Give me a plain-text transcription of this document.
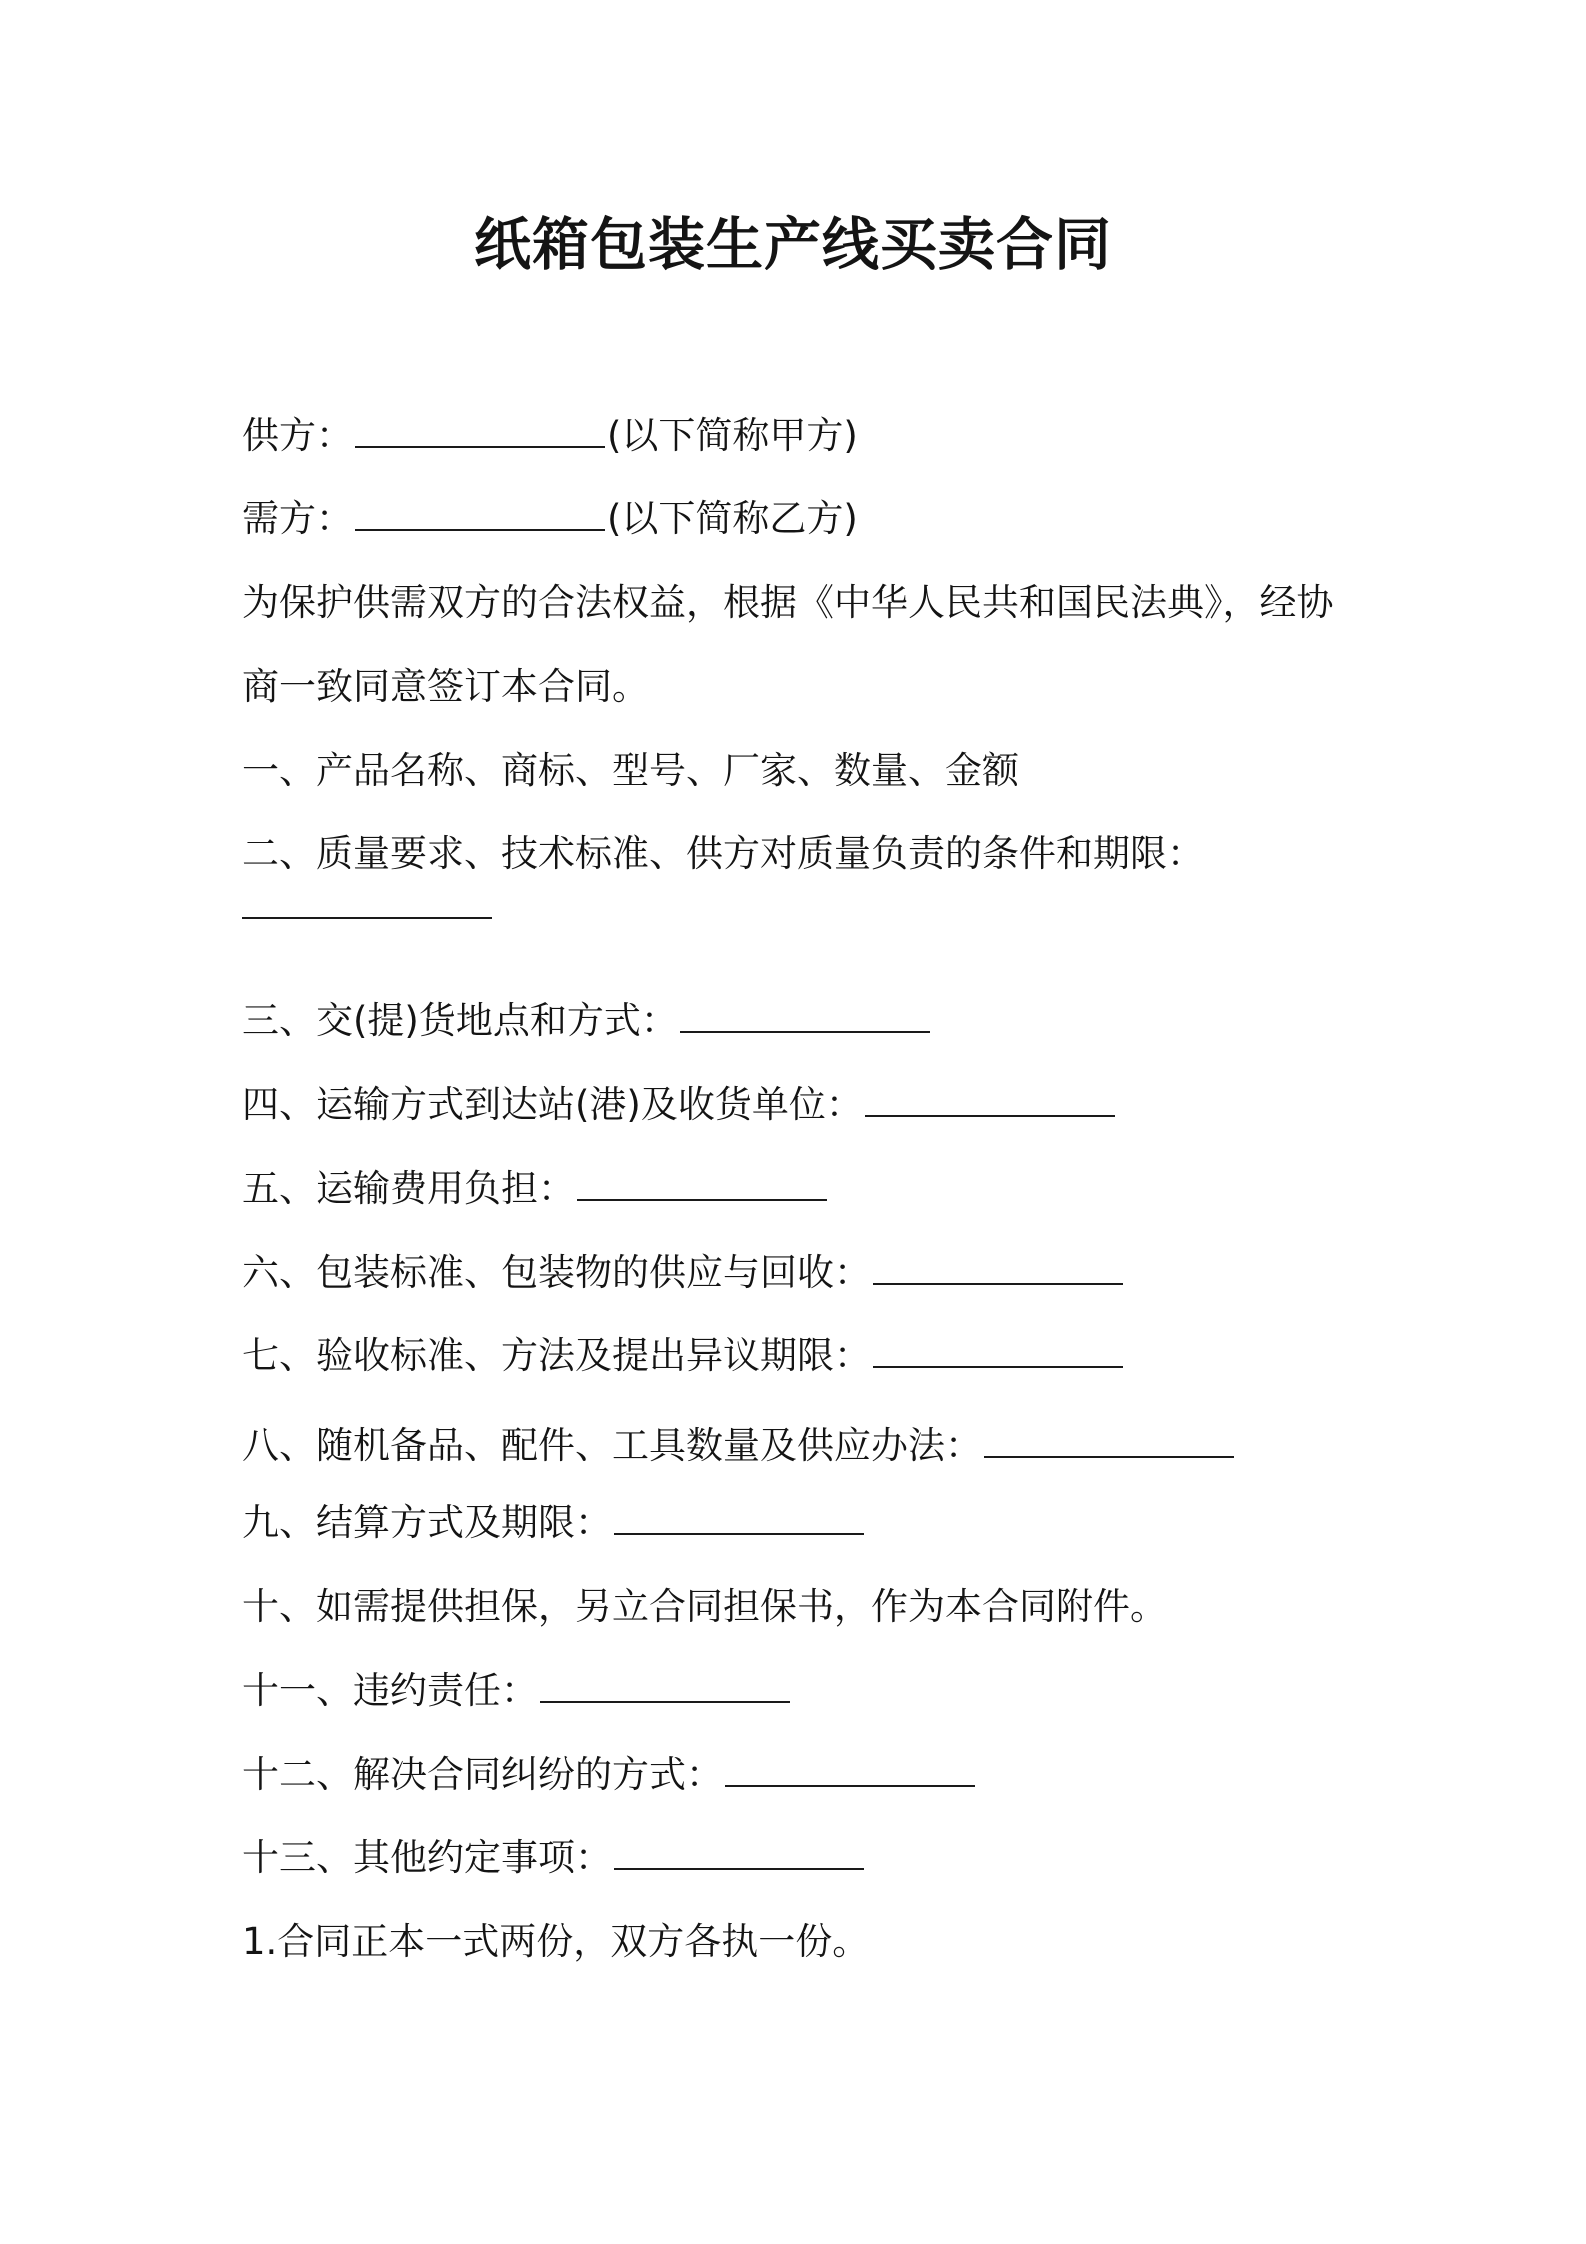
纸箱包装生产线买卖合同

供方：	(以下简称甲方)

需方：	(以下简称乙方)

为保护供需双方的合法权益，根据《中华人民共和国民法典》，经协

商一致同意签订本合同。

一、产品名称、商标、型号、厂家、数量、金额

二、质量要求、技术标准、供方对质量负责的条件和期限：

三、交(提)货地点和方式：

四、运输方式到达站(港)及收货单位：

五、运输费用负担：

六、包装标准、包装物的供应与回收：

七、验收标准、方法及提出异议期限：

八、随机备品、配件、工具数量及供应办法：

九、结算方式及期限：

十、如需提供担保，另立合同担保书，作为本合同附件。

十一、违约责任：

十二、解决合同纠纷的方式：

十三、其他约定事项：

1.合同正本一式两份，双方各执一份。
